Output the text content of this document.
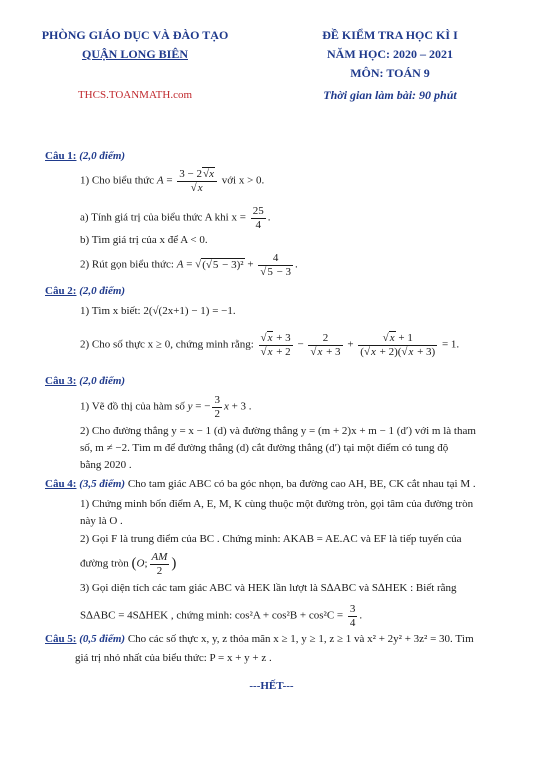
PHÒNG GIÁO DỤC VÀ ĐÀO TẠO
QUẬN LONG BIÊN
THCS.TOANMATH.com
ĐỀ KIỂM TRA HỌC KÌ I
NĂM HỌC: 2020 – 2021
MÔN: TOÁN 9
Thời gian làm bài: 90 phút
Câu 1: (2,0 điểm)
1) Cho biểu thức $A = \frac{3 - 2√x}{√x}$ với x > 0.
a) Tính giá trị của biểu thức A khi $x = \frac{25}{4}$ .
b) Tìm giá trị của x để A < 0.
2) Rút gọn biểu thức: $A = √(√5 - 3)^2 + \frac{4}{√5 - 3}$ .
Câu 2: (2,0 điểm)
1) Tìm x biết: 2(√(2x+1) − 1) = −1.
2) Cho số thực x ≥ 0, chứng minh rằng: $\frac{√x + 3}{√x + 2} - \frac{2}{√x + 3} + \frac{√x + 1}{(√x + 2)(√x + 3)} = 1$.
Câu 3: (2,0 điểm)
1) Vẽ đồ thị của hàm số y = − $\frac{3}{2}$ x + 3 .
2) Cho đường thẳng y = x − 1 (d) và đường thẳng y = (m + 2)x + m − 1 (d′) với m là tham
số, m ≠ −2. Tìm m để đường thẳng (d) cắt đường thẳng (d′) tại một điểm có tung độ
bằng 2020 .
Câu 4: (3,5 điểm) Cho tam giác ABC có ba góc nhọn, ba đường cao AH, BE, CK cắt nhau tại M .
1) Chứng minh bốn điểm A, E, M, K cùng thuộc một đường tròn, gọi tâm của đường tròn
này là O .
2) Gọi F là trung điểm của BC . Chứng minh: AKAB = AE.AC và EF là tiếp tuyến của
đường tròn (O; $\frac{AM}{2}$ )
3) Gọi diện tích các tam giác ABC và HEK lần lượt là S∆ABC và S∆HEK : Biết rằng
S∆ABC = 4S∆HEK , chứng minh: $\cos^2A + \cos^2B + \cos^2C = \frac{3}{4}$ .
Câu 5: (0,5 điểm) Cho các số thực x, y, z thỏa mãn x ≥ 1, y ≥ 1, z ≥ 1 và x² + 2y² + 3z² = 30. Tìm
giá trị nhỏ nhất của biểu thức: P = x + y + z .
---HẾT---
